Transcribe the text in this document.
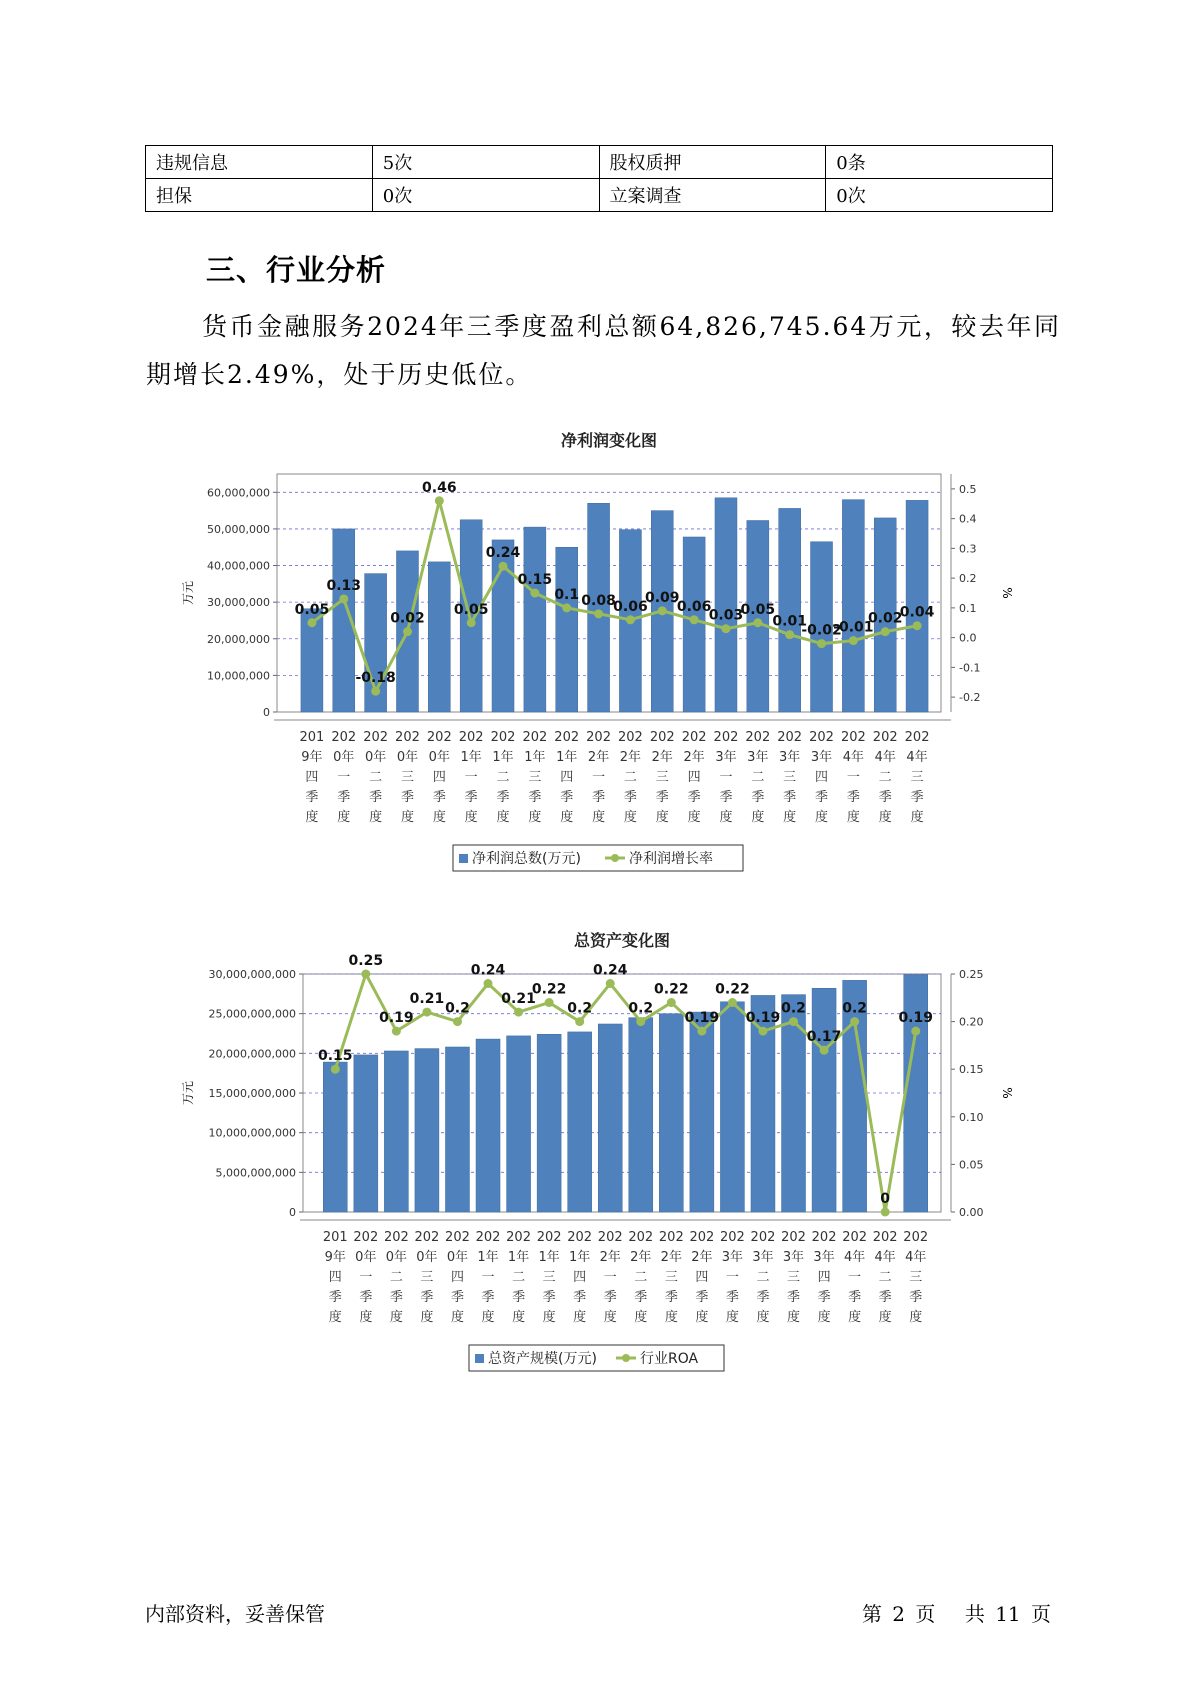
违规信息	5次	股权质押	0条
担保	0次	立案调查	0次
三、行业分析
货币金融服务2024年三季度盈利总额64,826,745.64万元，较去年同期增长2.49%，处于历史低位。
净利润变化图
0
10,000,000
20,000,000
30,000,000
40,000,000
50,000,000
60,000,000
-0.2
-0.1
0.0
0.1
0.2
0.3
0.4
0.5
万元	%
0.05
0.13
-0.18
0.02
0.46
0.05
0.24
0.15
0.1 0.08
0.06
0.09
0.06
0.03
0.05
0.01
-0.02
-0.01
0.02
0.04
201
9年
四
季
度
202
0年
一
季
度
202
0年
二
季
度
202
0年
三
季
度
202
0年
四
季
度
202
1年
一
季
度
202
1年
二
季
度
202
1年
三
季
度
202
1年
四
季
度
202
2年
一
季
度
202
2年
二
季
度
202
2年
三
季
度
202
2年
四
季
度
202
3年
一
季
度
202
3年
二
季
度
202
3年
三
季
度
202
3年
四
季
度
202
4年
一
季
度
202
4年
二
季
度
202
4年
三
季
度
净利润总数(万元)	净利润增长率
总资产变化图
0
5,000,000,000
10,000,000,000
15,000,000,000
20,000,000,000
25,000,000,000
30,000,000,000
0.00
0.05
0.10
0.15
0.20
0.25
万元	%
0.15
0.25
0.19
0.21
0.2
0.24
0.21
0.22
0.2
0.24
0.2
0.22
0.19
0.22
0.19
0.2
0.17
0.2
0
0.19
201
9年
四
季
度
202
0年
一
季
度
202
0年
二
季
度
202
0年
三
季
度
202
0年
四
季
度
202
1年
一
季
度
202
1年
二
季
度
202
1年
三
季
度
202
1年
四
季
度
202
2年
一
季
度
202
2年
二
季
度
202
2年
三
季
度
202
2年
四
季
度
202
3年
一
季
度
202
3年
二
季
度
202
3年
三
季
度
202
3年
四
季
度
202
4年
一
季
度
202
4年
二
季
度
202
4年
三
季
度
总资产规模(万元)	行业ROA
内部资料，妥善保管	第 2 页 共 11 页
